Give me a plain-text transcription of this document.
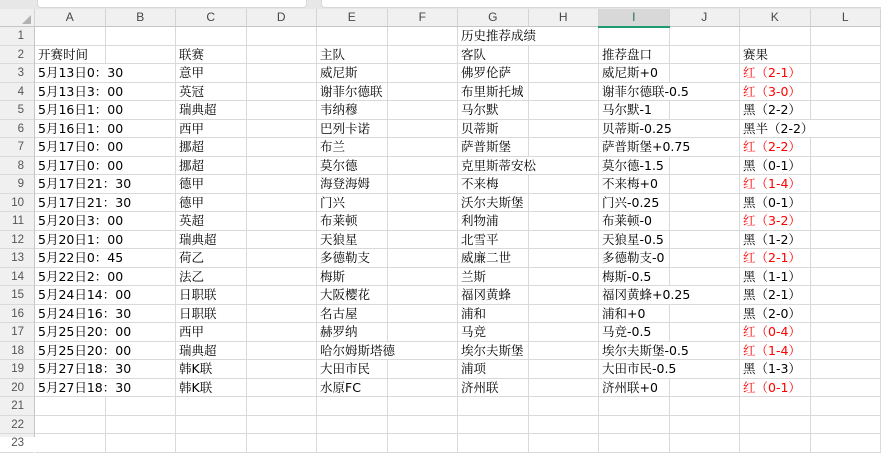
A	B	C	D	E	F	G	H	I	J	K	L
1
2
3
4
5
6
7
8
9
10
11
12
13
14
15
16
17
18
19
20
21
22
23
历史推荐成绩
开赛时间	联赛	主队	客队	推荐盘口	赛果
5月13日0：30	意甲	威尼斯	佛罗伦萨	威尼斯+0	红（2-1）
5月13日3：00	英冠	谢菲尔德联	布里斯托城	谢菲尔德联-0.5	红（3-0）
5月16日1：00	瑞典超	韦纳穆	马尔默	马尔默-1	黑（2-2）
5月16日1：00	西甲	巴列卡诺	贝蒂斯	贝蒂斯-0.25	黑半（2-2）
5月17日0：00	挪超	布兰	萨普斯堡	萨普斯堡+0.75	红（2-2）
5月17日0：00	挪超	莫尔德	克里斯蒂安松	莫尔德-1.5	黑（0-1）
5月17日21：30	德甲	海登海姆	不来梅	不来梅+0	红（1-4）
5月17日21：30	德甲	门兴	沃尔夫斯堡	门兴-0.25	黑（0-1）
5月20日3：00	英超	布莱顿	利物浦	布莱顿-0	红（3-2）
5月20日1：00	瑞典超	天狼星	北雪平	天狼星-0.5	黑（1-2）
5月22日0：45	荷乙	多德勒支	威廉二世	多德勒支-0	红（2-1）
5月22日2：00	法乙	梅斯	兰斯	梅斯-0.5	黑（1-1）
5月24日14：00	日职联	大阪樱花	福冈黄蜂	福冈黄蜂+0.25	黑（2-1）
5月24日16：30	日职联	名古屋	浦和	浦和+0	黑（2-0）
5月25日20：00	西甲	赫罗纳	马竞	马竞-0.5	红（0-4）
5月25日20：00	瑞典超	哈尔姆斯塔德	埃尔夫斯堡	埃尔夫斯堡-0.5	红（1-4）
5月27日18：30	韩K联	大田市民	浦项	大田市民-0.5	黑（1-3）
5月27日18：30	韩K联	水原FC	济州联	济州联+0	红（0-1）
